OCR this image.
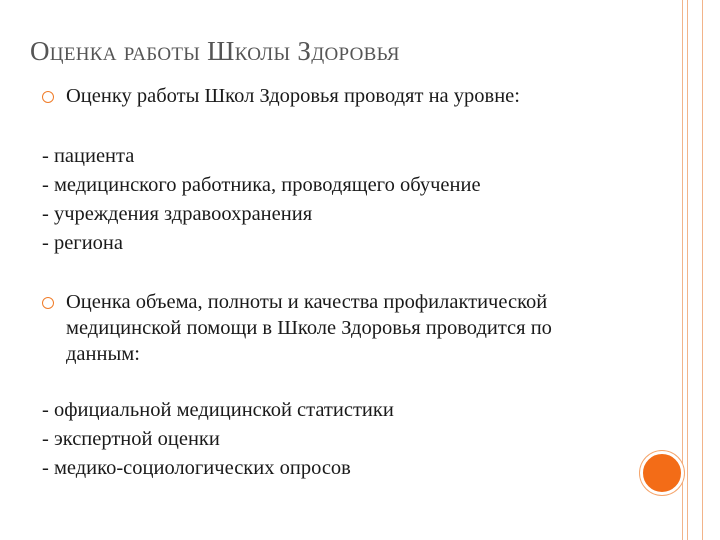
Оценка работы Школы Здоровья
Оценку работы Школ Здоровья проводят на уровне:
- пациента
- медицинского работника, проводящего обучение
- учреждения здравоохранения
- региона
Оценка объема, полноты и качества профилактической
медицинской помощи в Школе Здоровья проводится по
данным:
- официальной медицинской статистики
- экспертной оценки
- медико-социологических опросов
